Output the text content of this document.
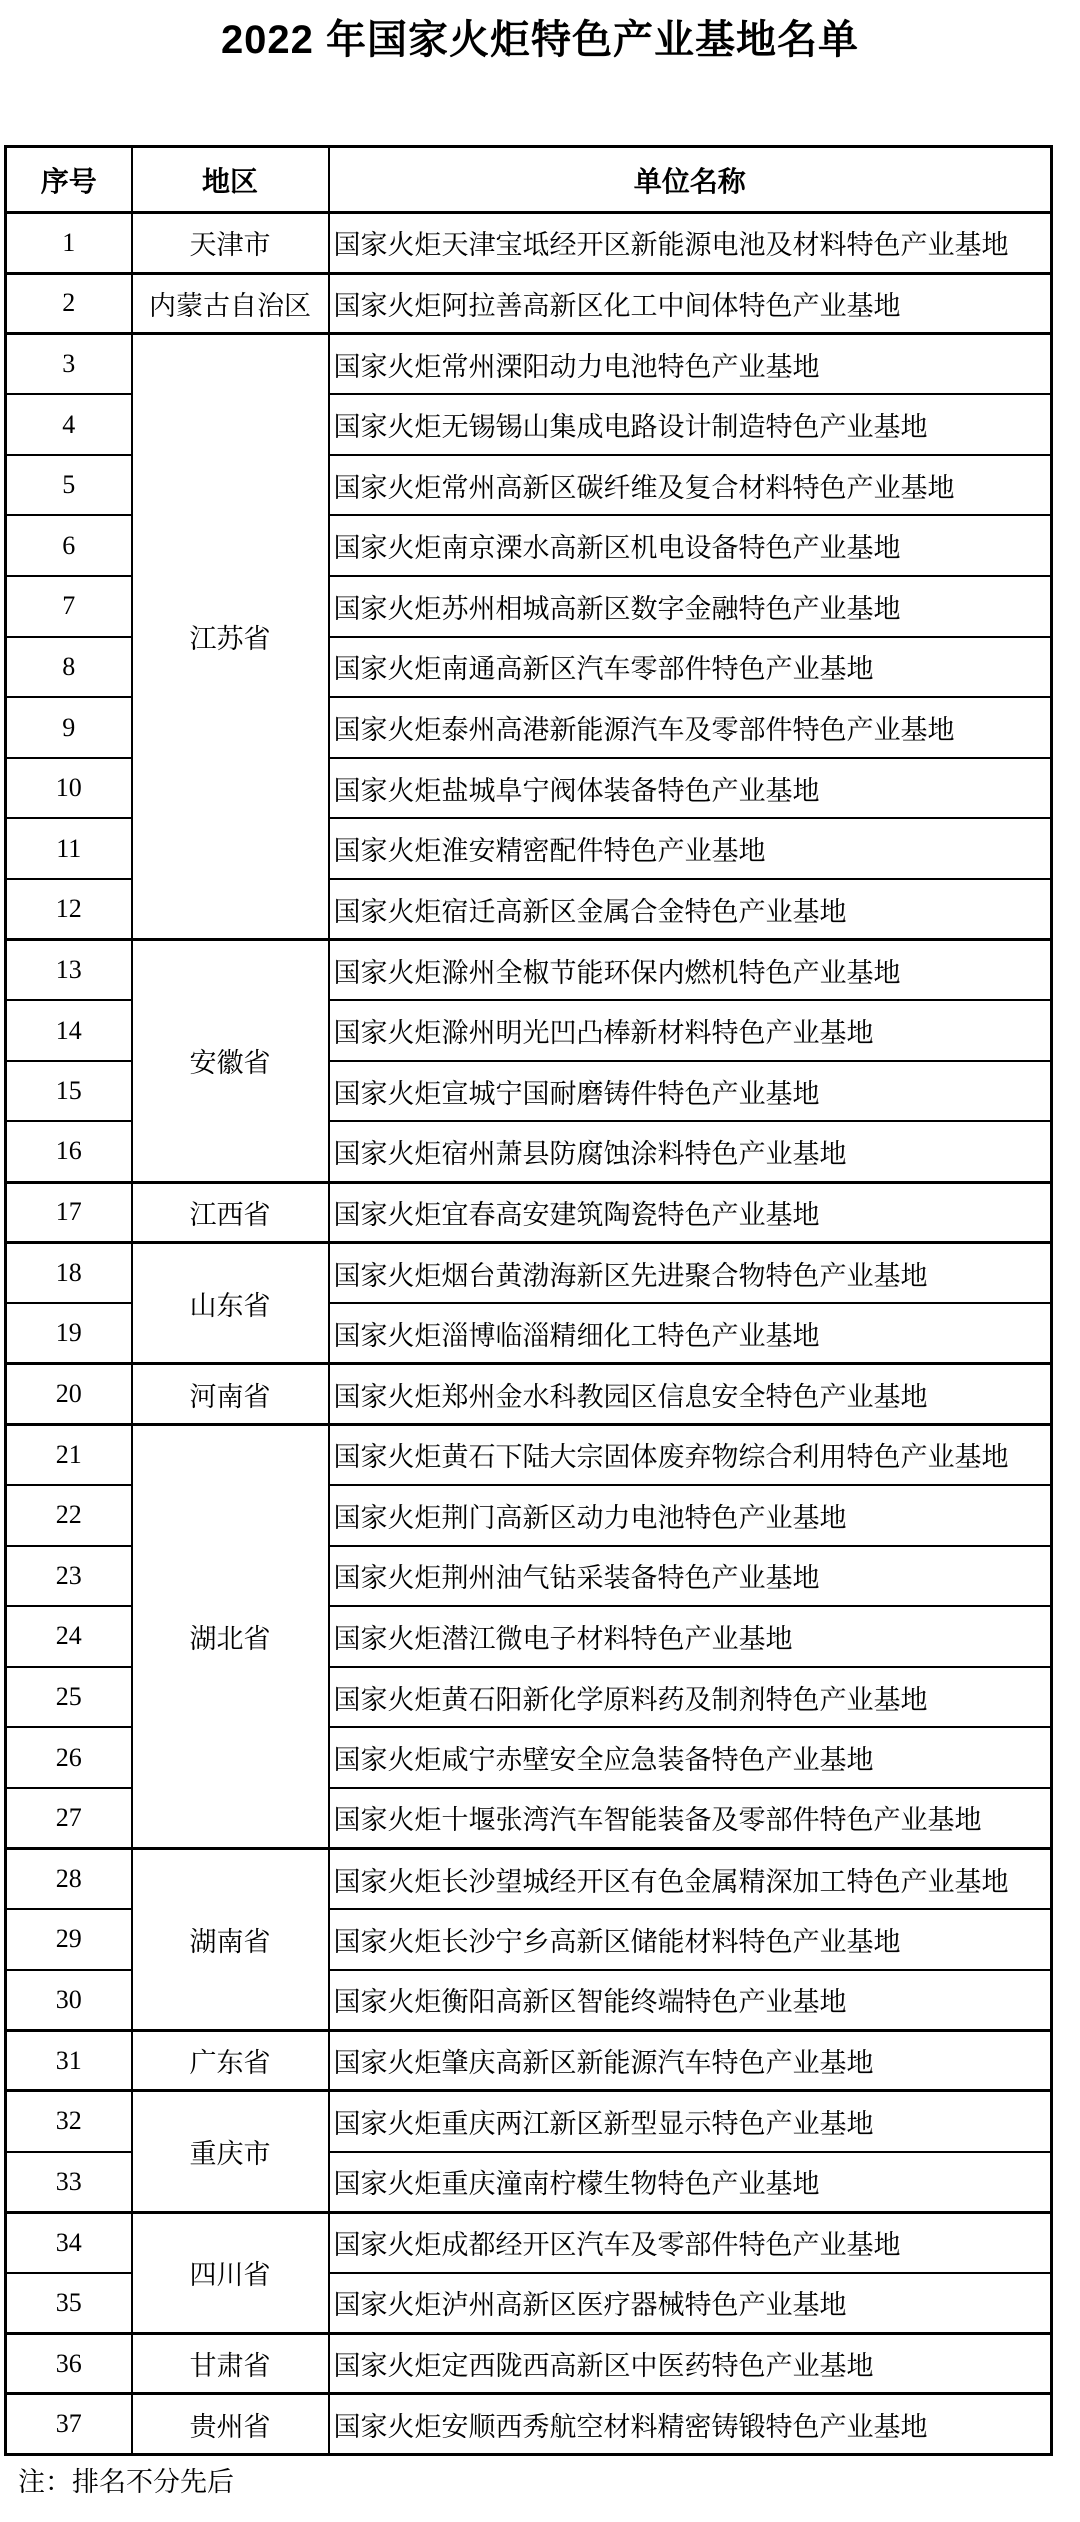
2022 年国家火炬特色产业基地名单
序号	地区	单位名称
1	天津市	国家火炬天津宝坻经开区新能源电池及材料特色产业基地
2	内蒙古自治区	国家火炬阿拉善高新区化工中间体特色产业基地
3	江苏省	国家火炬常州溧阳动力电池特色产业基地
4		国家火炬无锡锡山集成电路设计制造特色产业基地
5		国家火炬常州高新区碳纤维及复合材料特色产业基地
6		国家火炬南京溧水高新区机电设备特色产业基地
7		国家火炬苏州相城高新区数字金融特色产业基地
8		国家火炬南通高新区汽车零部件特色产业基地
9		国家火炬泰州高港新能源汽车及零部件特色产业基地
10		国家火炬盐城阜宁阀体装备特色产业基地
11		国家火炬淮安精密配件特色产业基地
12		国家火炬宿迁高新区金属合金特色产业基地
13	安徽省	国家火炬滁州全椒节能环保内燃机特色产业基地
14		国家火炬滁州明光凹凸棒新材料特色产业基地
15		国家火炬宣城宁国耐磨铸件特色产业基地
16		国家火炬宿州萧县防腐蚀涂料特色产业基地
17	江西省	国家火炬宜春高安建筑陶瓷特色产业基地
18	山东省	国家火炬烟台黄渤海新区先进聚合物特色产业基地
19		国家火炬淄博临淄精细化工特色产业基地
20	河南省	国家火炬郑州金水科教园区信息安全特色产业基地
21	湖北省	国家火炬黄石下陆大宗固体废弃物综合利用特色产业基地
22		国家火炬荆门高新区动力电池特色产业基地
23		国家火炬荆州油气钻采装备特色产业基地
24		国家火炬潜江微电子材料特色产业基地
25		国家火炬黄石阳新化学原料药及制剂特色产业基地
26		国家火炬咸宁赤壁安全应急装备特色产业基地
27		国家火炬十堰张湾汽车智能装备及零部件特色产业基地
28	湖南省	国家火炬长沙望城经开区有色金属精深加工特色产业基地
29		国家火炬长沙宁乡高新区储能材料特色产业基地
30		国家火炬衡阳高新区智能终端特色产业基地
31	广东省	国家火炬肇庆高新区新能源汽车特色产业基地
32	重庆市	国家火炬重庆两江新区新型显示特色产业基地
33		国家火炬重庆潼南柠檬生物特色产业基地
34	四川省	国家火炬成都经开区汽车及零部件特色产业基地
35		国家火炬泸州高新区医疗器械特色产业基地
36	甘肃省	国家火炬定西陇西高新区中医药特色产业基地
37	贵州省	国家火炬安顺西秀航空材料精密铸锻特色产业基地
注：排名不分先后
